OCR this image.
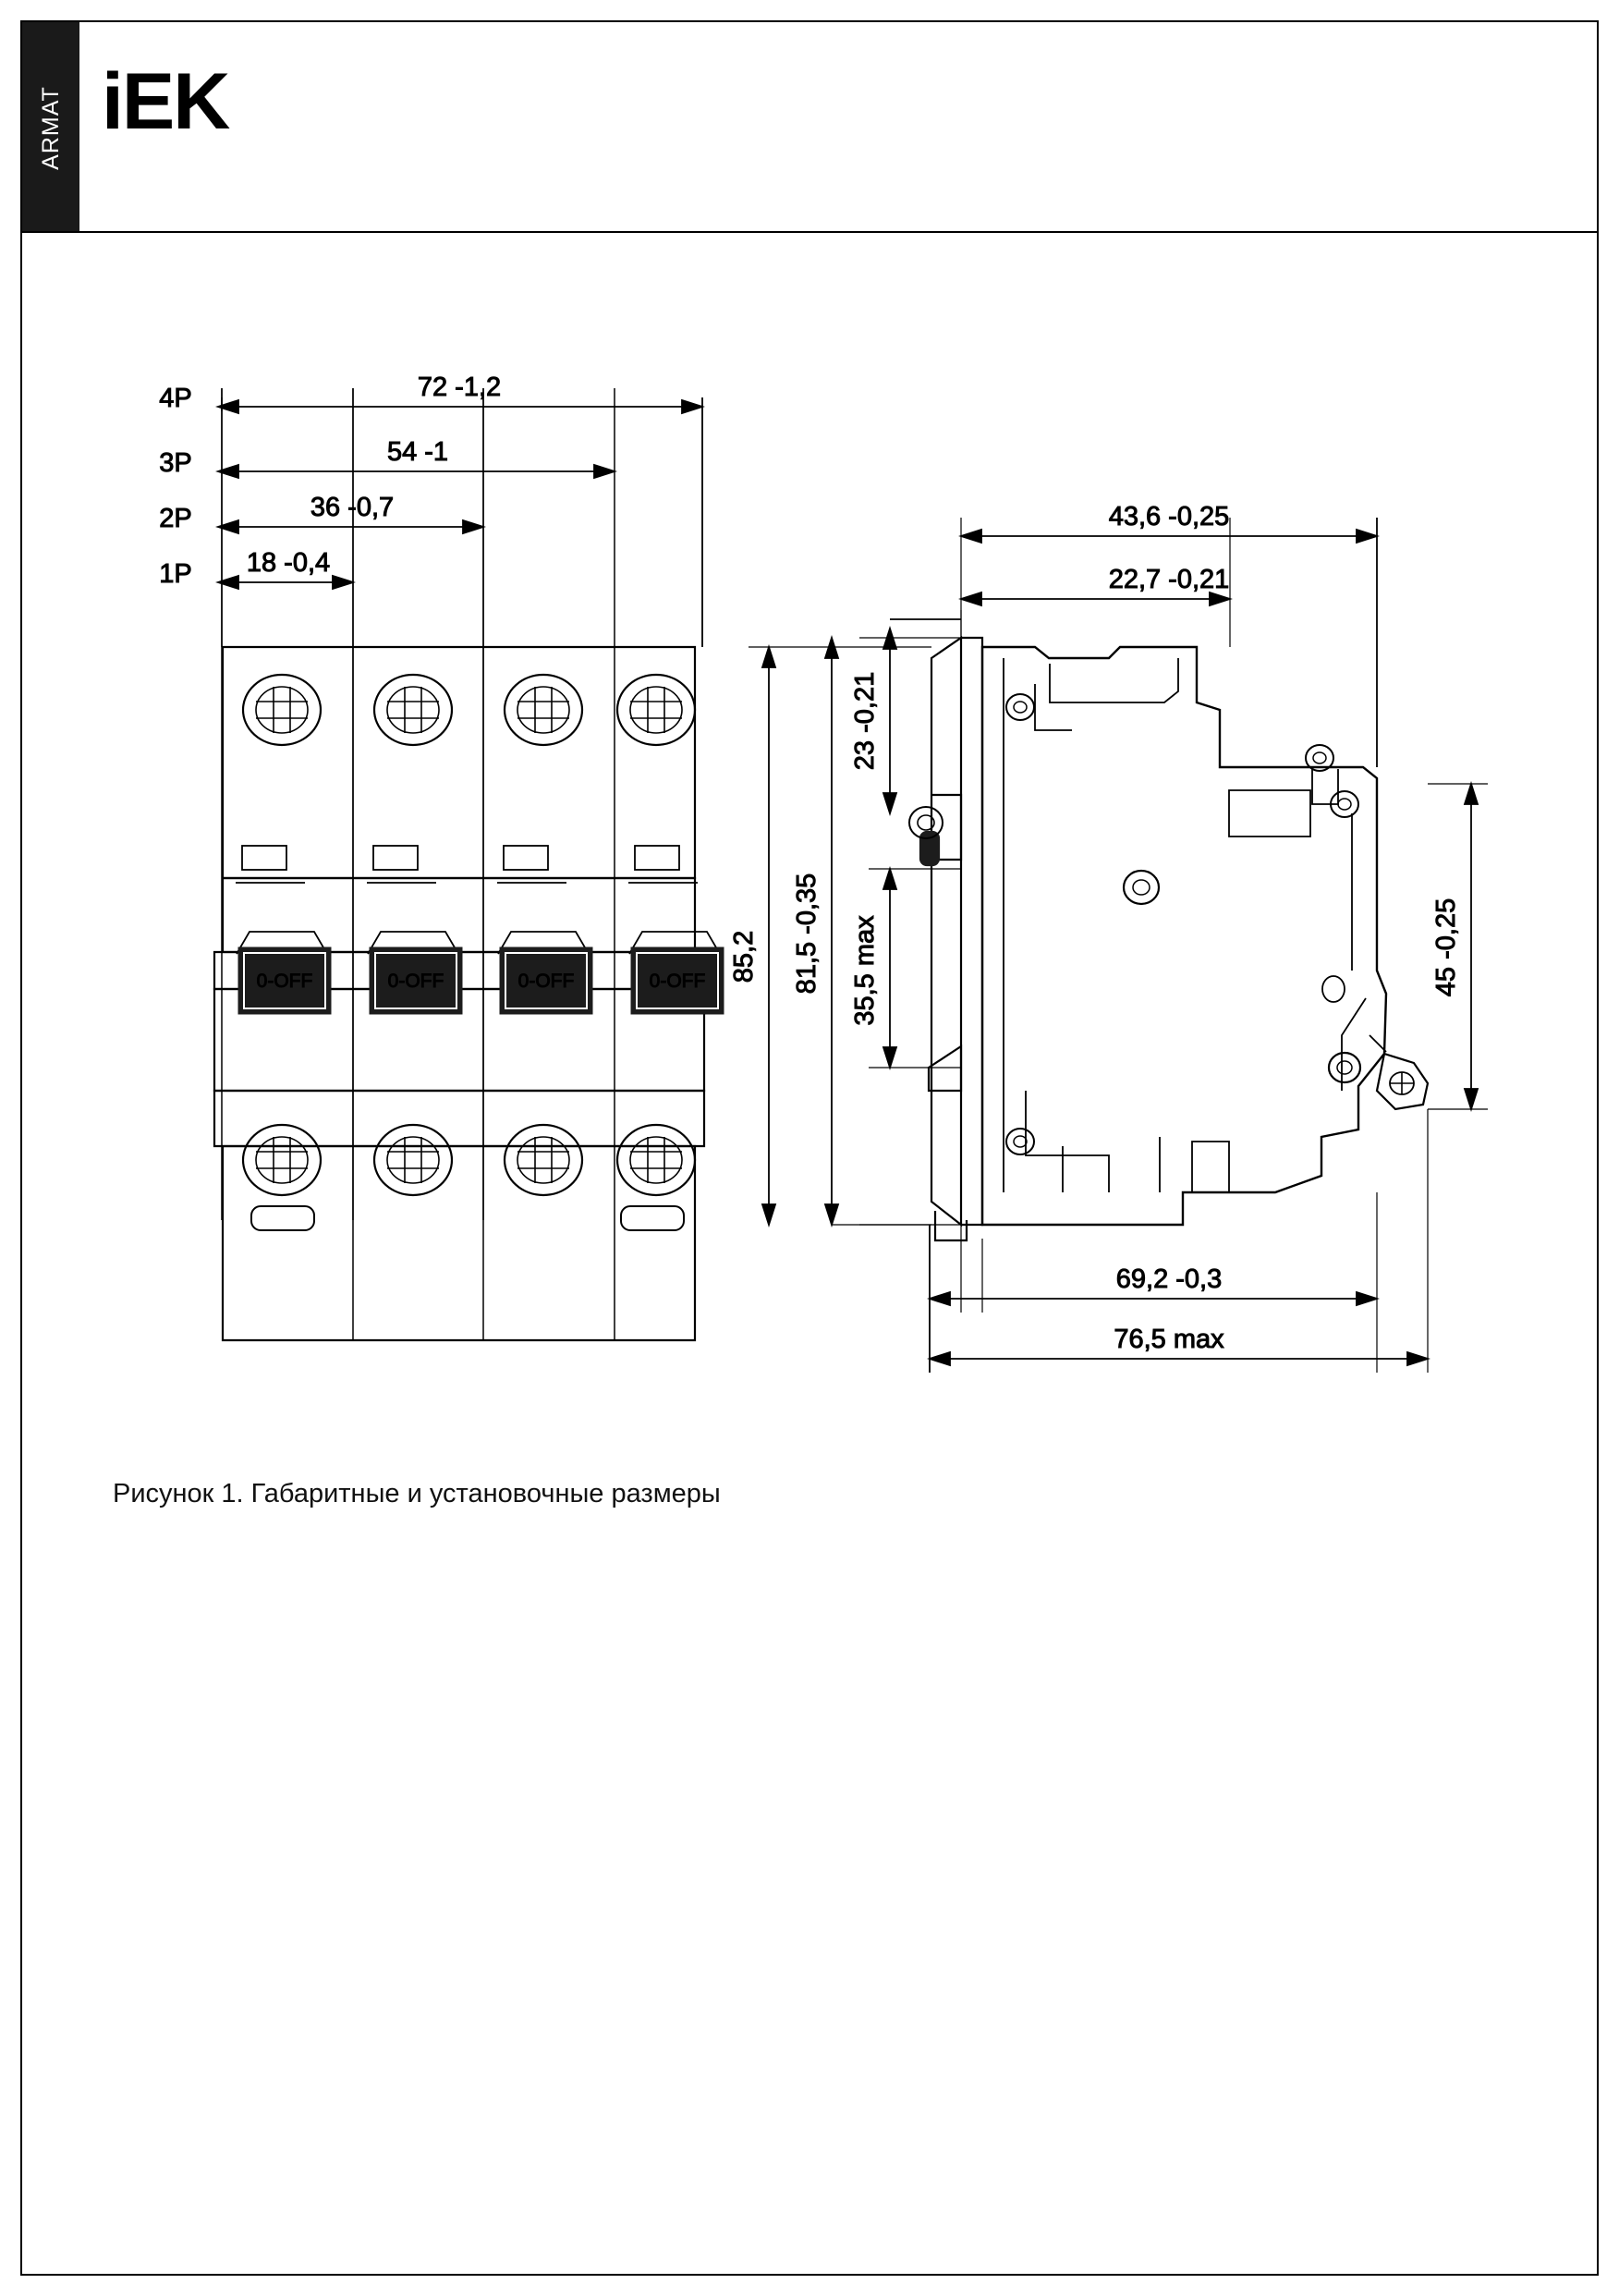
ARMAT iEK
0-OFF	0-OFF	0-OFF	0-OFF
72 -1,2
4P
54 -1
3P
36 -0,7
2P
18 -0,4
1P
43,6 -0,25
22,7 -0,21
23 -0,21
35,5 max
81,5 -0,35
85,2	45 -0,25
69,2 -0,3
76,5 max
Рисунок 1. Габаритные и установочные размеры
